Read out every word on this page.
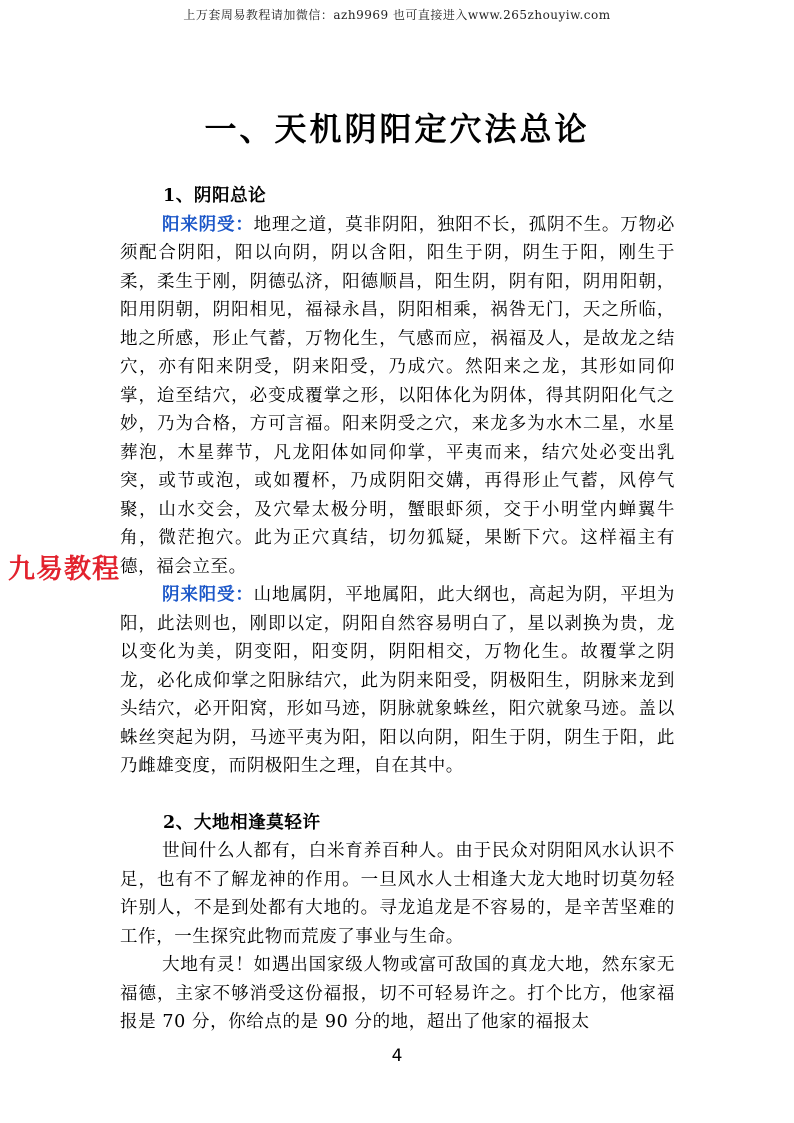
上万套周易教程请加微信：azh9969 也可直接进入www.265zhouyiw.com
一、天机阴阳定穴法总论
1、阴阳总论

阳来阴受：地理之道，莫非阴阳，独阳不长，孤阴不生。万物必须配合阴阳，阳以向阴，阴以含阳，阳生于阴，阴生于阳，刚生于柔，柔生于刚，阴德弘济，阳德顺昌，阳生阴，阴有阳，阴用阳朝，阳用阴朝，阴阳相见，福禄永昌，阴阳相乘，祸咎无门，天之所临，地之所感，形止气蓄，万物化生，气感而应，祸福及人，是故龙之结穴，亦有阳来阴受，阴来阳受，乃成穴。然阳来之龙，其形如同仰掌，迨至结穴，必变成覆掌之形，以阳体化为阴体，得其阴阳化气之妙，乃为合格，方可言福。阳来阴受之穴，来龙多为水木二星，水星葬泡，木星葬节，凡龙阳体如同仰掌，平夷而来，结穴处必变出乳突，或节或泡，或如覆杯，乃成阴阳交媾，再得形止气蓄，风停气聚，山水交会，及穴晕太极分明，蟹眼虾须，交于小明堂内蝉翼牛角，微茫抱穴。此为正穴真结，切勿狐疑，果断下穴。这样福主有德，福会立至。

阴来阳受：山地属阴，平地属阳，此大纲也，高起为阴，平坦为阳，此法则也，刚即以定，阴阳自然容易明白了，星以剥换为贵，龙以变化为美，阴变阳，阳变阴，阴阳相交，万物化生。故覆掌之阴龙，必化成仰掌之阳脉结穴，此为阴来阳受，阴极阳生，阴脉来龙到头结穴，必开阳窝，形如马迹，阴脉就象蛛丝，阳穴就象马迹。盖以蛛丝突起为阴，马迹平夷为阳，阳以向阴，阳生于阴，阴生于阳，此乃雌雄变度，而阴极阳生之理，自在其中。

2、大地相逢莫轻许

世间什么人都有，白米育养百种人。由于民众对阴阳风水认识不足，也有不了解龙神的作用。一旦风水人士相逢大龙大地时切莫勿轻许别人，不是到处都有大地的。寻龙追龙是不容易的，是辛苦坚难的工作，一生探究此物而荒废了事业与生命。

大地有灵！如遇出国家级人物或富可敌国的真龙大地，然东家无福德，主家不够消受这份福报，切不可轻易许之。打个比方，他家福报是 70 分，你给点的是 90 分的地，超出了他家的福报太

九易教程
4
